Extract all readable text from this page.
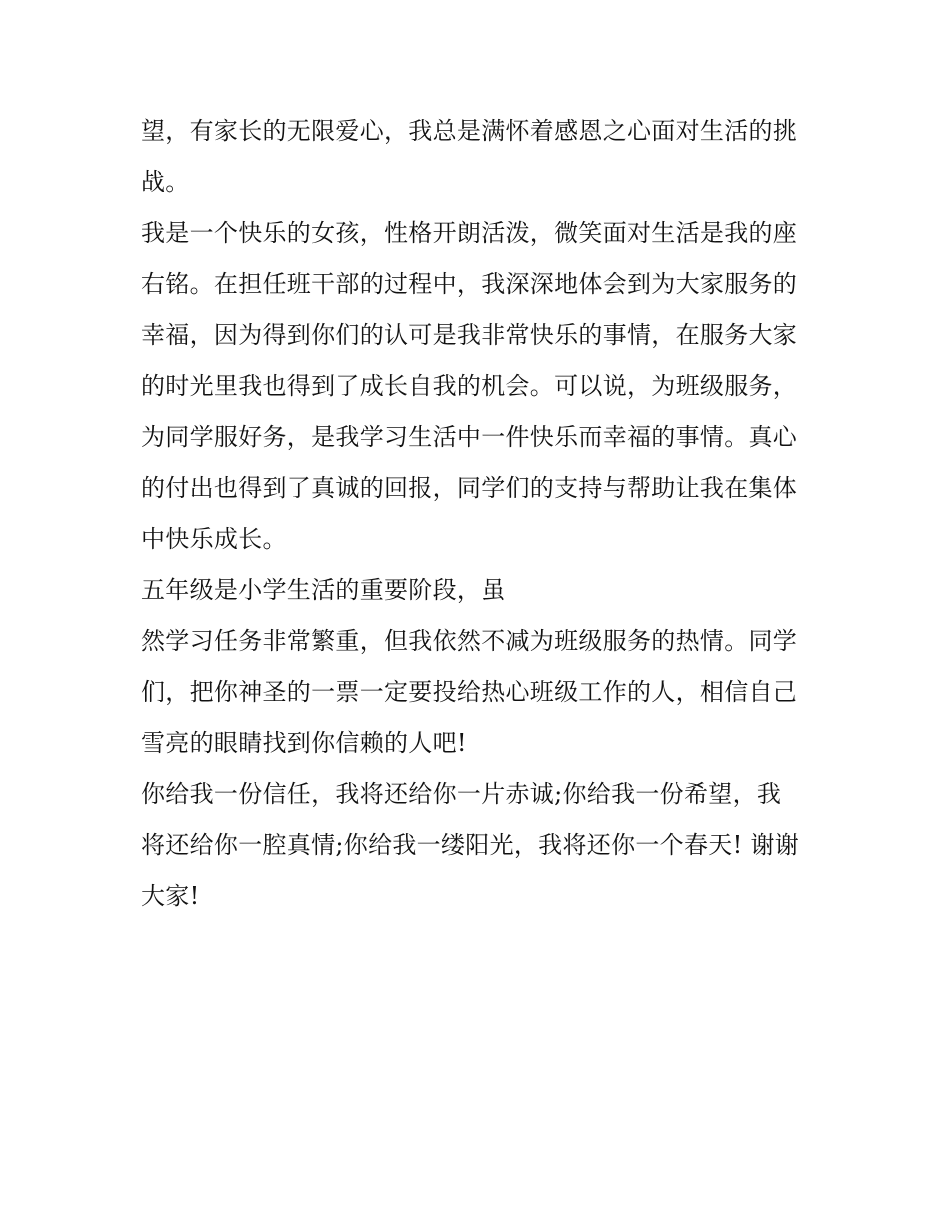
望，有家长的无限爱心，我总是满怀着感恩之心面对生活的挑
战。
我是一个快乐的女孩，性格开朗活泼，微笑面对生活是我的座
右铭。在担任班干部的过程中，我深深地体会到为大家服务的
幸福，因为得到你们的认可是我非常快乐的事情，在服务大家
的时光里我也得到了成长自我的机会。可以说，为班级服务，
为同学服好务，是我学习生活中一件快乐而幸福的事情。真心
的付出也得到了真诚的回报，同学们的支持与帮助让我在集体
中快乐成长。
五年级是小学生活的重要阶段，虽
然学习任务非常繁重，但我依然不减为班级服务的热情。同学
们，把你神圣的一票一定要投给热心班级工作的人，相信自己
雪亮的眼睛找到你信赖的人吧!
你给我一份信任，我将还给你一片赤诚;你给我一份希望，我
将还给你一腔真情;你给我一缕阳光，我将还你一个春天! 谢谢
大家!
